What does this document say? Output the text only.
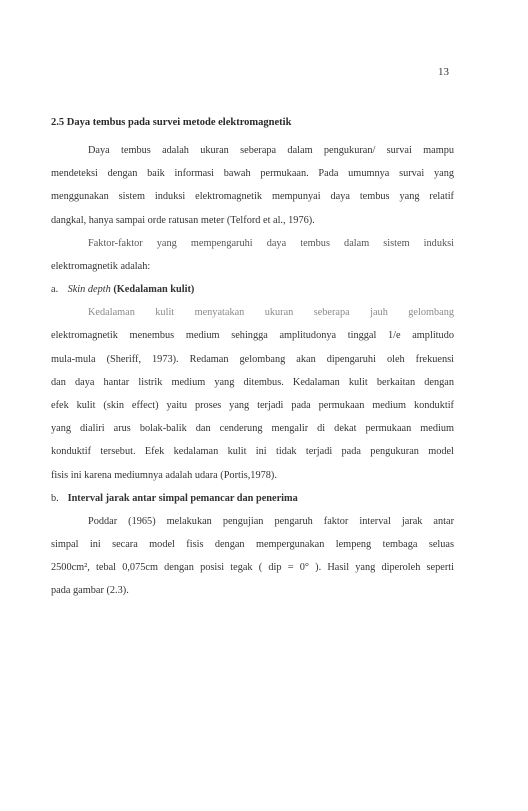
13
2.5 Daya tembus pada survei metode elektromagnetik

Daya tembus adalah ukuran seberapa dalam pengukuran/ survai mampu
mendeteksi dengan baik informasi bawah permukaan. Pada umumnya survai yang
menggunakan sistem induksi elektromagnetik mempunyai daya tembus yang relatif
dangkal, hanya sampai orde ratusan meter (Telford et al., 1976).

Faktor-faktor yang mempengaruhi daya tembus dalam sistem induksi
elektromagnetik adalah:

a. Skin depth (Kedalaman kulit)

Kedalaman kulit menyatakan ukuran seberapa jauh gelombang
elektromagnetik menembus medium sehingga amplitudonya tinggal 1/e amplitudo
mula-mula (Sheriff, 1973). Redaman gelombang akan dipengaruhi oleh frekuensi
dan daya hantar listrik medium yang ditembus. Kedalaman kulit berkaitan dengan
efek kulit (skin effect) yaitu proses yang terjadi pada permukaan medium konduktif
yang dialiri arus bolak-balik dan cenderung mengalir di dekat permukaan medium
konduktif tersebut. Efek kedalaman kulit ini tidak terjadi pada pengukuran model
fisis ini karena mediumnya adalah udara (Portis,1978).

b. Interval jarak antar simpal pemancar dan penerima

Poddar (1965) melakukan pengujian pengaruh faktor interval jarak antar
simpal ini secara model fisis dengan mempergunakan lempeng tembaga seluas
2500cm², tebal 0,075cm dengan posisi tegak ( dip = 0° ). Hasil yang diperoleh seperti
pada gambar (2.3).
